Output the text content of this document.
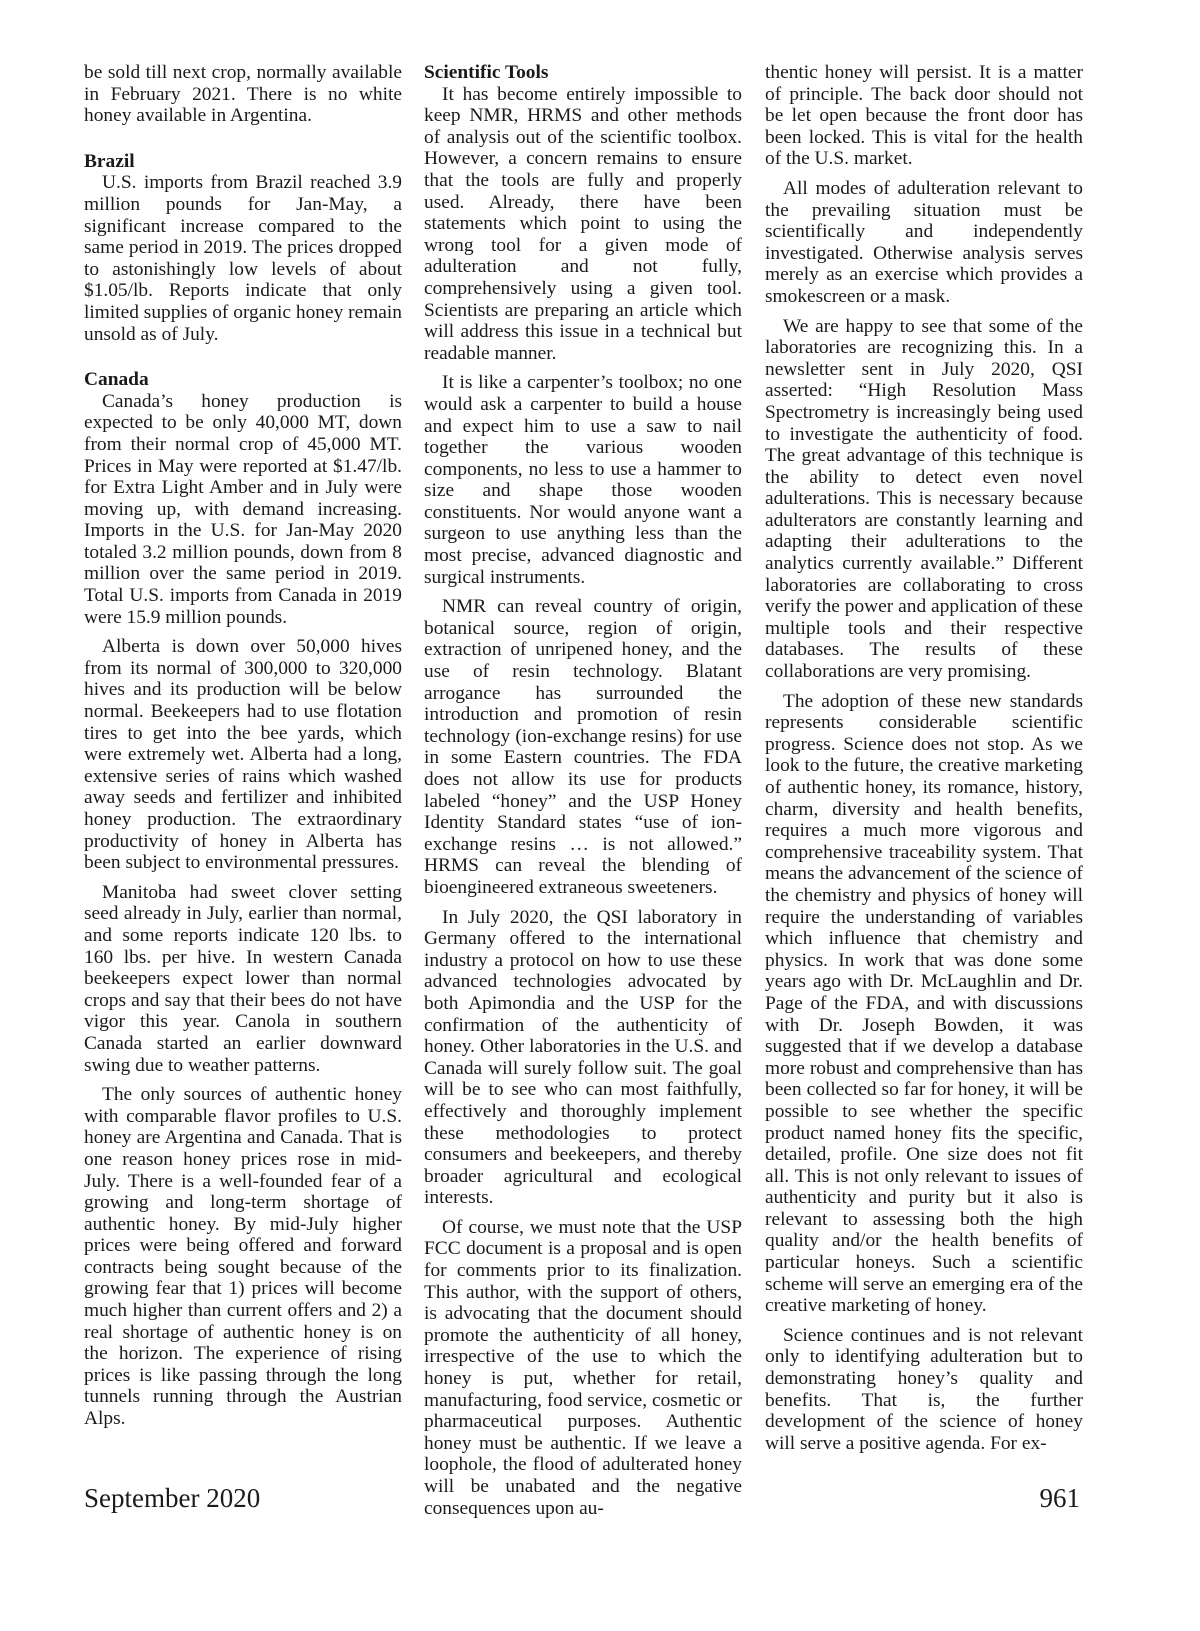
be sold till next crop, normally available in February 2021. There is no white honey available in Argentina.

Brazil

U.S. imports from Brazil reached 3.9 million pounds for Jan-May, a significant increase compared to the same period in 2019. The prices dropped to astonishingly low levels of about $1.05/lb. Reports indicate that only limited supplies of organic honey remain unsold as of July.

Canada

Canada’s honey production is expected to be only 40,000 MT, down from their normal crop of 45,000 MT. Prices in May were reported at $1.47/lb. for Extra Light Amber and in July were moving up, with demand increasing. Imports in the U.S. for Jan-May 2020 totaled 3.2 million pounds, down from 8 million over the same period in 2019. Total U.S. imports from Canada in 2019 were 15.9 million pounds.

Alberta is down over 50,000 hives from its normal of 300,000 to 320,000 hives and its production will be below normal. Beekeepers had to use flotation tires to get into the bee yards, which were extremely wet. Alberta had a long, extensive series of rains which washed away seeds and fertilizer and inhibited honey production. The extraordinary productivity of honey in Alberta has been subject to environmental pressures.

Manitoba had sweet clover setting seed already in July, earlier than normal, and some reports indicate 120 lbs. to 160 lbs. per hive. In western Canada beekeepers expect lower than normal crops and say that their bees do not have vigor this year. Canola in southern Canada started an earlier downward swing due to weather patterns.

The only sources of authentic honey with comparable flavor profiles to U.S. honey are Argentina and Canada. That is one reason honey prices rose in mid-July. There is a well-founded fear of a growing and long-term shortage of authentic honey. By mid-July higher prices were being offered and forward contracts being sought because of the growing fear that 1) prices will become much higher than current offers and 2) a real shortage of authentic honey is on the horizon. The experience of rising prices is like passing through the long tunnels running through the Austrian Alps.

Scientific Tools

It has become entirely impossible to keep NMR, HRMS and other methods of analysis out of the scientific toolbox. However, a concern remains to ensure that the tools are fully and properly used. Already, there have been statements which point to using the wrong tool for a given mode of adulteration and not fully, comprehensively using a given tool. Scientists are preparing an article which will address this issue in a technical but readable manner.

It is like a carpenter’s toolbox; no one would ask a carpenter to build a house and expect him to use a saw to nail together the various wooden components, no less to use a hammer to size and shape those wooden constituents. Nor would anyone want a surgeon to use anything less than the most precise, advanced diagnostic and surgical instruments.

NMR can reveal country of origin, botanical source, region of origin, extraction of unripened honey, and the use of resin technology. Blatant arrogance has surrounded the introduction and promotion of resin technology (ion-exchange resins) for use in some Eastern countries. The FDA does not allow its use for products labeled “honey” and the USP Honey Identity Standard states “use of ion-exchange resins … is not allowed.” HRMS can reveal the blending of bioengineered extraneous sweeteners.

In July 2020, the QSI laboratory in Germany offered to the international industry a protocol on how to use these advanced technologies advocated by both Apimondia and the USP for the confirmation of the authenticity of honey. Other laboratories in the U.S. and Canada will surely follow suit. The goal will be to see who can most faithfully, effectively and thoroughly implement these methodologies to protect consumers and beekeepers, and thereby broader agricultural and ecological interests.

Of course, we must note that the USP FCC document is a proposal and is open for comments prior to its finalization. This author, with the support of others, is advocating that the document should promote the authenticity of all honey, irrespective of the use to which the honey is put, whether for retail, manufacturing, food service, cosmetic or pharmaceutical purposes. Authentic honey must be authentic. If we leave a loophole, the flood of adulterated honey will be unabated and the negative consequences upon au-

thentic honey will persist. It is a matter of principle. The back door should not be let open because the front door has been locked. This is vital for the health of the U.S. market.

All modes of adulteration relevant to the prevailing situation must be scientifically and independently investigated. Otherwise analysis serves merely as an exercise which provides a smokescreen or a mask.

We are happy to see that some of the laboratories are recognizing this. In a newsletter sent in July 2020, QSI asserted: “High Resolution Mass Spectrometry is increasingly being used to investigate the authenticity of food. The great advantage of this technique is the ability to detect even novel adulterations. This is necessary because adulterators are constantly learning and adapting their adulterations to the analytics currently available.” Different laboratories are collaborating to cross verify the power and application of these multiple tools and their respective databases. The results of these collaborations are very promising.

The adoption of these new standards represents considerable scientific progress. Science does not stop. As we look to the future, the creative marketing of authentic honey, its romance, history, charm, diversity and health benefits, requires a much more vigorous and comprehensive traceability system. That means the advancement of the science of the chemistry and physics of honey will require the understanding of variables which influence that chemistry and physics. In work that was done some years ago with Dr. McLaughlin and Dr. Page of the FDA, and with discussions with Dr. Joseph Bowden, it was suggested that if we develop a database more robust and comprehensive than has been collected so far for honey, it will be possible to see whether the specific product named honey fits the specific, detailed, profile. One size does not fit all. This is not only relevant to issues of authenticity and purity but it also is relevant to assessing both the high quality and/or the health benefits of particular honeys. Such a scientific scheme will serve an emerging era of the creative marketing of honey.

Science continues and is not relevant only to identifying adulteration but to demonstrating honey’s quality and benefits. That is, the further development of the science of honey will serve a positive agenda. For ex-

September 2020	961
